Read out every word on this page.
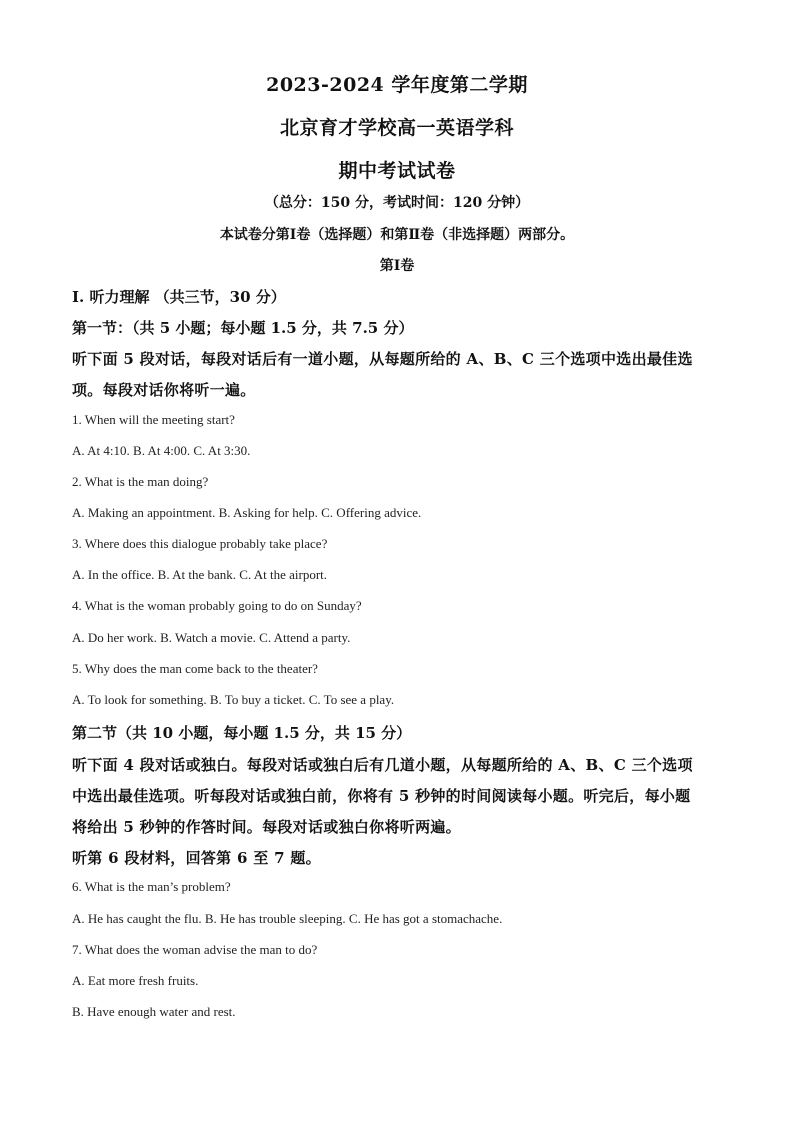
2023-2024 学年度第二学期
北京育才学校高一英语学科
期中考试试卷
（总分：150 分，考试时间：120 分钟）
本试卷分第Ⅰ卷（选择题）和第Ⅱ卷（非选择题）两部分。
第Ⅰ卷
Ⅰ. 听力理解 （共三节，30 分）
第一节：（共 5 小题；每小题 1.5 分，共 7.5 分）
听下面 5 段对话，每段对话后有一道小题，从每题所给的 A、B、C 三个选项中选出最佳选
项。每段对话你将听一遍。
1. When will the meeting start?
A. At 4:10. B. At 4:00. C. At 3:30.
2. What is the man doing?
A. Making an appointment. B. Asking for help. C. Offering advice.
3. Where does this dialogue probably take place?
A. In the office. B. At the bank. C. At the airport.
4. What is the woman probably going to do on Sunday?
A. Do her work. B. Watch a movie. C. Attend a party.
5. Why does the man come back to the theater?
A. To look for something. B. To buy a ticket. C. To see a play.
第二节（共 10 小题，每小题 1.5 分，共 15 分）
听下面 4 段对话或独白。每段对话或独白后有几道小题，从每题所给的 A、B、C 三个选项
中选出最佳选项。听每段对话或独白前，你将有 5 秒钟的时间阅读每小题。听完后，每小题
将给出 5 秒钟的作答时间。每段对话或独白你将听两遍。
听第 6 段材料，回答第 6 至 7 题。
6. What is the man’s problem?
A. He has caught the flu. B. He has trouble sleeping. C. He has got a stomachache.
7. What does the woman advise the man to do?
A. Eat more fresh fruits.
B. Have enough water and rest.
